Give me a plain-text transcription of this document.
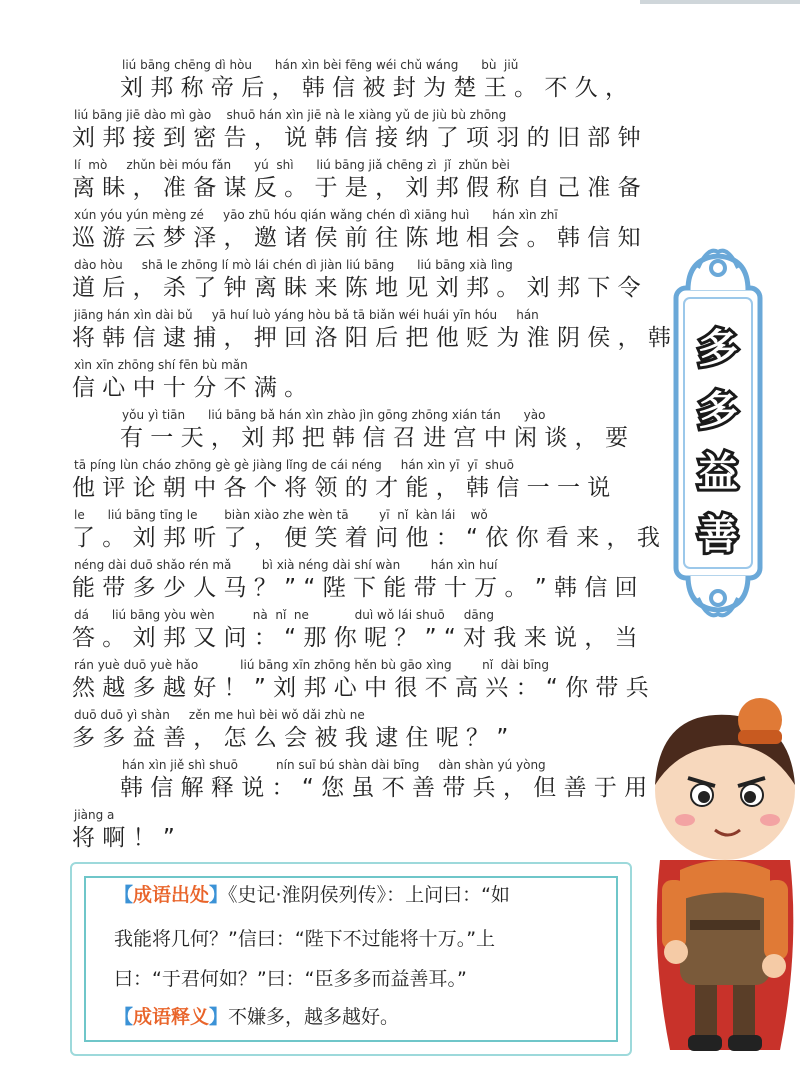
liú bāng chēng dì hòu      hán xìn bèi fēng wéi chǔ wáng      bù  jiǔ
刘 邦 称 帝 后 ， 韩 信 被 封 为 楚 王 。 不 久 ，
liú bāng jiē dào mì gào    shuō hán xìn jiē nà le xiàng yǔ de jiù bù zhōng
刘 邦 接 到 密 告 ， 说 韩 信 接 纳 了 项 羽 的 旧 部 钟
lí  mò     zhǔn bèi móu fǎn      yú  shì      liú bāng jiǎ chēng zì  jǐ  zhǔn bèi
离 眛 ， 准 备 谋 反 。 于 是 ， 刘 邦 假 称 自 己 准 备
xún yóu yún mèng zé     yāo zhū hóu qián wǎng chén dì xiāng huì      hán xìn zhī
巡 游 云 梦 泽 ， 邀 诸 侯 前 往 陈 地 相 会 。 韩 信 知
dào hòu     shā le zhōng lí mò lái chén dì jiàn liú bāng      liú bāng xià lìng
道 后 ， 杀 了 钟 离 眛 来 陈 地 见 刘 邦 。 刘 邦 下 令
jiāng hán xìn dài bǔ     yā huí luò yáng hòu bǎ tā biǎn wéi huái yīn hóu     hán
将 韩 信 逮 捕 ， 押 回 洛 阳 后 把 他 贬 为 淮 阴 侯 ， 韩
xìn xīn zhōng shí fēn bù mǎn
信 心 中 十 分 不 满 。
yǒu yì tiān      liú bāng bǎ hán xìn zhào jìn gōng zhōng xián tán      yào
有 一 天 ， 刘 邦 把 韩 信 召 进 宫 中 闲 谈 ， 要
tā píng lùn cháo zhōng gè gè jiàng lǐng de cái néng     hán xìn yī  yī  shuō
他 评 论 朝 中 各 个 将 领 的 才 能 ， 韩 信 一 一 说
le      liú bāng tīng le       biàn xiào zhe wèn tā        yī  nǐ  kàn lái    wǒ
了 。 刘 邦 听 了 ， 便 笑 着 问 他 ： “ 依 你 看 来 ， 我
néng dài duō shǎo rén mǎ        bì xià néng dài shí wàn        hán xìn huí
能 带 多 少 人 马 ？ ” “ 陛 下 能 带 十 万 。 ” 韩 信 回
dá      liú bāng yòu wèn          nà  nǐ  ne            duì wǒ lái shuō     dāng
答 。 刘 邦 又 问 ： “ 那 你 呢 ？ ” “ 对 我 来 说 ， 当
rán yuè duō yuè hǎo           liú bāng xīn zhōng hěn bù gāo xìng        nǐ  dài bīng
然 越 多 越 好 ！ ” 刘 邦 心 中 很 不 高 兴 ： “ 你 带 兵
duō duō yì shàn     zěn me huì bèi wǒ dǎi zhù ne
多 多 益 善 ， 怎 么 会 被 我 逮 住 呢 ？ ”
hán xìn jiě shì shuō          nín suī bú shàn dài bīng     dàn shàn yú yòng
韩 信 解 释 说 ： “ 您 虽 不 善 带 兵 ， 但 善 于 用
jiàng a
将 啊 ！ ”
多
多
益
善
【成语出处】《史记·淮阴侯列传》：上问曰：“如
我能将几何？”信曰：“陛下不过能将十万。”上
曰：“于君何如？”曰：“臣多多而益善耳。”
【成语释义】不嫌多，越多越好。
